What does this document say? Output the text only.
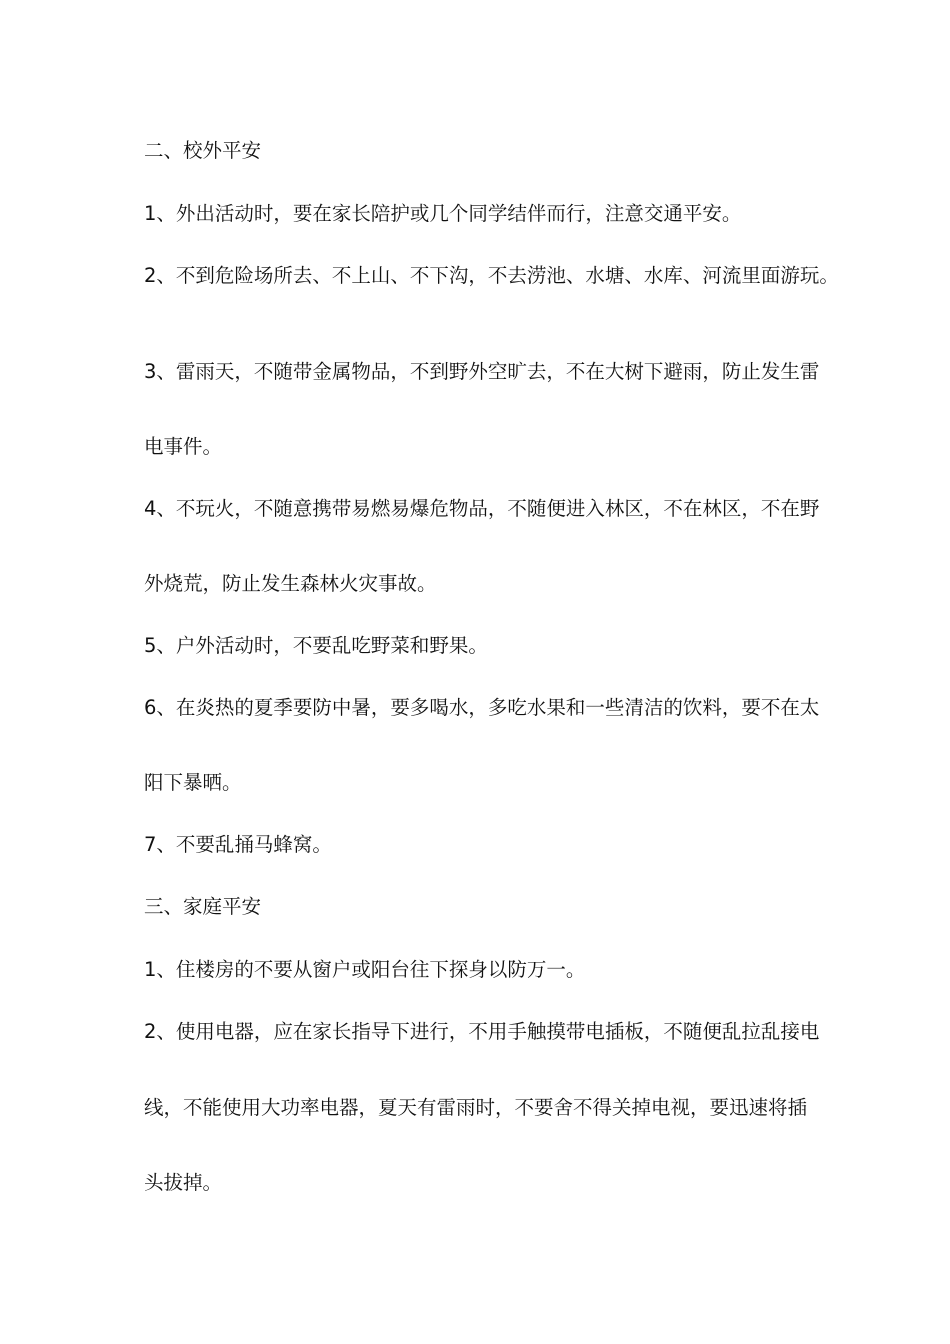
二、校外平安
1、外出活动时，要在家长陪护或几个同学结伴而行，注意交通平安。
2、不到危险场所去、不上山、不下沟，不去涝池、水塘、水库、河流里面游玩。
3、雷雨天，不随带金属物品，不到野外空旷去，不在大树下避雨，防止发生雷
电事件。
4、不玩火，不随意携带易燃易爆危物品，不随便进入林区，不在林区，不在野
外烧荒，防止发生森林火灾事故。
5、户外活动时，不要乱吃野菜和野果。
6、在炎热的夏季要防中暑，要多喝水，多吃水果和一些清洁的饮料，要不在太
阳下暴晒。
7、不要乱捅马蜂窝。
三、家庭平安
1、住楼房的不要从窗户或阳台往下探身以防万一。
2、使用电器，应在家长指导下进行，不用手触摸带电插板，不随便乱拉乱接电
线，不能使用大功率电器，夏天有雷雨时，不要舍不得关掉电视，要迅速将插
头拔掉。
